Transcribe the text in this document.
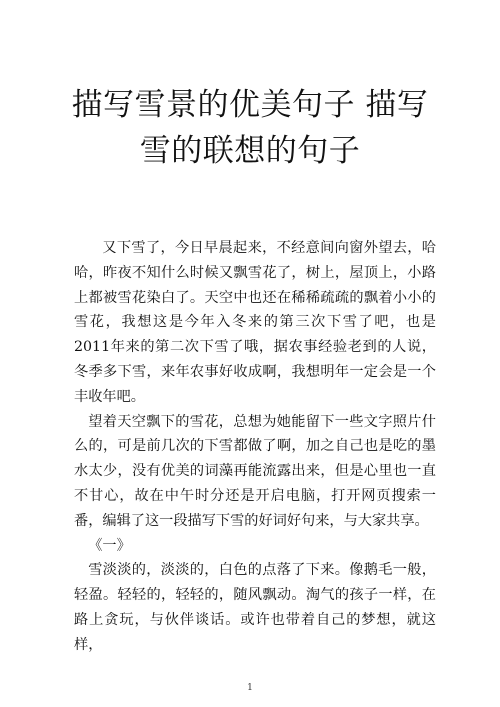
描写雪景的优美句子 描写
雪的联想的句子

又下雪了，今日早晨起来，不经意间向窗外望去，哈哈，昨夜不知什么时候又飘雪花了，树上，屋顶上，小路上都被雪花染白了。天空中也还在稀稀疏疏的飘着小小的雪花，我想这是今年入冬来的第三次下雪了吧，也是2011年来的第二次下雪了哦，据农事经验老到的人说，冬季多下雪，来年农事好收成啊，我想明年一定会是一个丰收年吧。

望着天空飘下的雪花，总想为她能留下一些文字照片什么的，可是前几次的下雪都做了啊，加之自己也是吃的墨水太少，没有优美的词藻再能流露出来，但是心里也一直不甘心，故在中午时分还是开启电脑，打开网页搜索一番，编辑了这一段描写下雪的好词好句来，与大家共享。

《一》

雪淡淡的，淡淡的，白色的点落了下来。像鹅毛一般，轻盈。轻轻的，轻轻的，随风飘动。淘气的孩子一样，在路上贪玩，与伙伴谈话。或许也带着自己的梦想，就这样，

1
